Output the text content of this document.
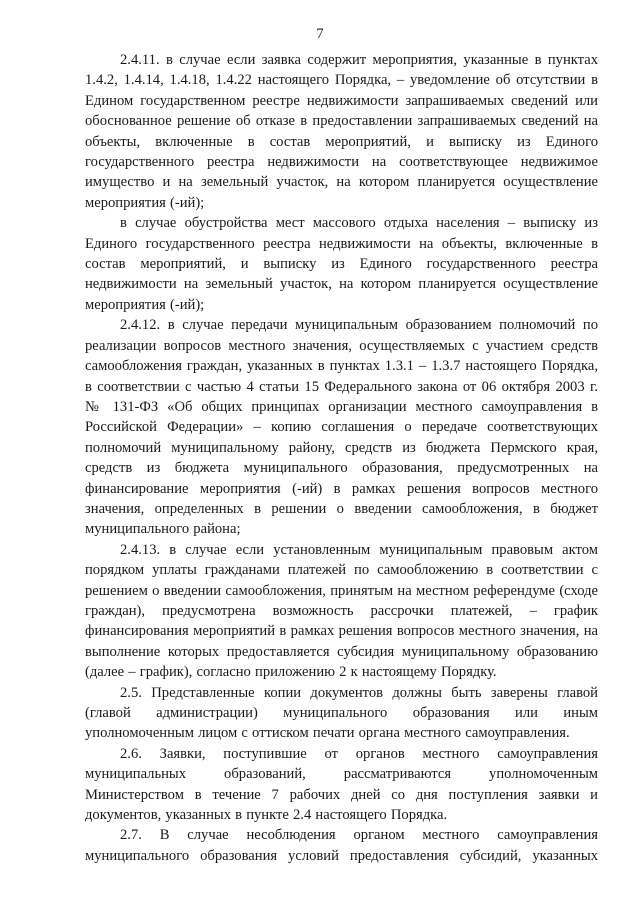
7

2.4.11. в случае если заявка содержит мероприятия, указанные в пунктах 1.4.2, 1.4.14, 1.4.18, 1.4.22 настоящего Порядка, – уведомление об отсутствии в Едином государственном реестре недвижимости запрашиваемых сведений или обоснованное решение об отказе в предоставлении запрашиваемых сведений на объекты, включенные в состав мероприятий, и выписку из Единого государственного реестра недвижимости на соответствующее недвижимое имущество и на земельный участок, на котором планируется осуществление мероприятия (-ий);

в случае обустройства мест массового отдыха населения – выписку из Единого государственного реестра недвижимости на объекты, включенные в состав мероприятий, и выписку из Единого государственного реестра недвижимости на земельный участок, на котором планируется осуществление мероприятия (-ий);

2.4.12. в случае передачи муниципальным образованием полномочий по реализации вопросов местного значения, осуществляемых с участием средств самообложения граждан, указанных в пунктах 1.3.1 – 1.3.7 настоящего Порядка, в соответствии с частью 4 статьи 15 Федерального закона от 06 октября 2003 г. № 131-ФЗ «Об общих принципах организации местного самоуправления в Российской Федерации» – копию соглашения о передаче соответствующих полномочий муниципальному району, средств из бюджета Пермского края, средств из бюджета муниципального образования, предусмотренных на финансирование мероприятия (-ий) в рамках решения вопросов местного значения, определенных в решении о введении самообложения, в бюджет муниципального района;

2.4.13. в случае если установленным муниципальным правовым актом порядком уплаты гражданами платежей по самообложению в соответствии с решением о введении самообложения, принятым на местном референдуме (сходе граждан), предусмотрена возможность рассрочки платежей, – график финансирования мероприятий в рамках решения вопросов местного значения, на выполнение которых предоставляется субсидия муниципальному образованию (далее – график), согласно приложению 2 к настоящему Порядку.

2.5. Представленные копии документов должны быть заверены главой (главой администрации) муниципального образования или иным уполномоченным лицом с оттиском печати органа местного самоуправления.

2.6. Заявки, поступившие от органов местного самоуправления муниципальных образований, рассматриваются уполномоченным Министерством в течение 7 рабочих дней со дня поступления заявки и документов, указанных в пункте 2.4 настоящего Порядка.

2.7. В случае несоблюдения органом местного самоуправления муниципального образования условий предоставления субсидий, указанных
